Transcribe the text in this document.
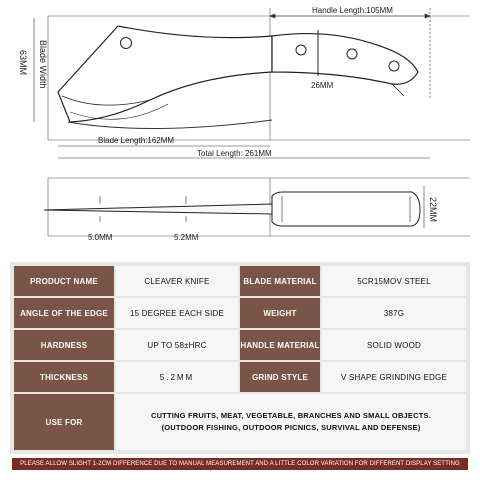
Handle Length:105MM
Blade Width
63MM
26MM
Blade Length:162MM
Total Length: 261MM
5.0MM	5.2MM
22MM
PRODUCT NAME	CLEAVER KNIFE	BLADE MATERIAL	5CR15MOV STEEL
ANGLE OF THE EDGE	15 DEGREE EACH SIDE	WEIGHT	387G
HARDNESS	UP TO 58±HRC	HANDLE MATERIAL	SOLID WOOD
THICKNESS	5.2MM	GRIND STYLE	V SHAPE GRINDING EDGE
USE FOR
CUTTING FRUITS, MEAT, VEGETABLE, BRANCHES AND SMALL OBJECTS.
(OUTDOOR FISHING, OUTDOOR PICNICS, SURVIVAL AND DEFENSE)
PLEASE ALLOW SLIGHT 1-2CM DIFFERENCE DUE TO MANUAL MEASUREMENT AND A LITTLE COLOR VARIATION FOR DIFFERENT DISPLAY SETTING
